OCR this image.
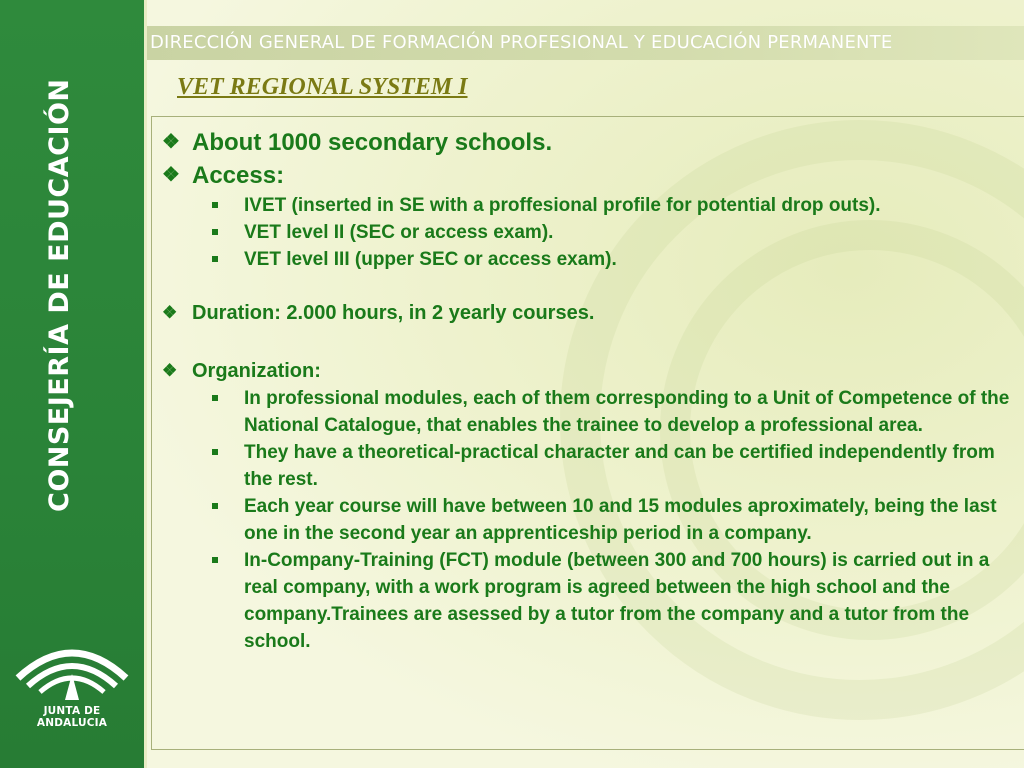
CONSEJERÍA DE EDUCACIÓN
JUNTA DE ANDALUCIA
DIRECCIÓN GENERAL DE FORMACIÓN PROFESIONAL Y EDUCACIÓN PERMANENTE
VET REGIONAL SYSTEM I
❖ About 1000 secondary schools.
❖ Access:
IVET (inserted in SE with a proffesional profile for potential drop outs).
VET level II (SEC or access exam).
VET level III (upper SEC or access exam).
❖ Duration: 2.000 hours, in 2 yearly courses.
❖ Organization:
In professional modules, each of them corresponding to a Unit of Competence of the National Catalogue, that enables the trainee to develop a professional area.
They have a theoretical-practical character and can be certified independently from the rest.
Each year course will have between 10 and 15 modules aproximately, being the last one in the second year an apprenticeship period in a company.
In-Company-Training (FCT) module (between 300 and 700 hours) is carried out in a real company, with a work program is agreed between the high school and the company.Trainees are asessed by a tutor from the company and a tutor from the school.
